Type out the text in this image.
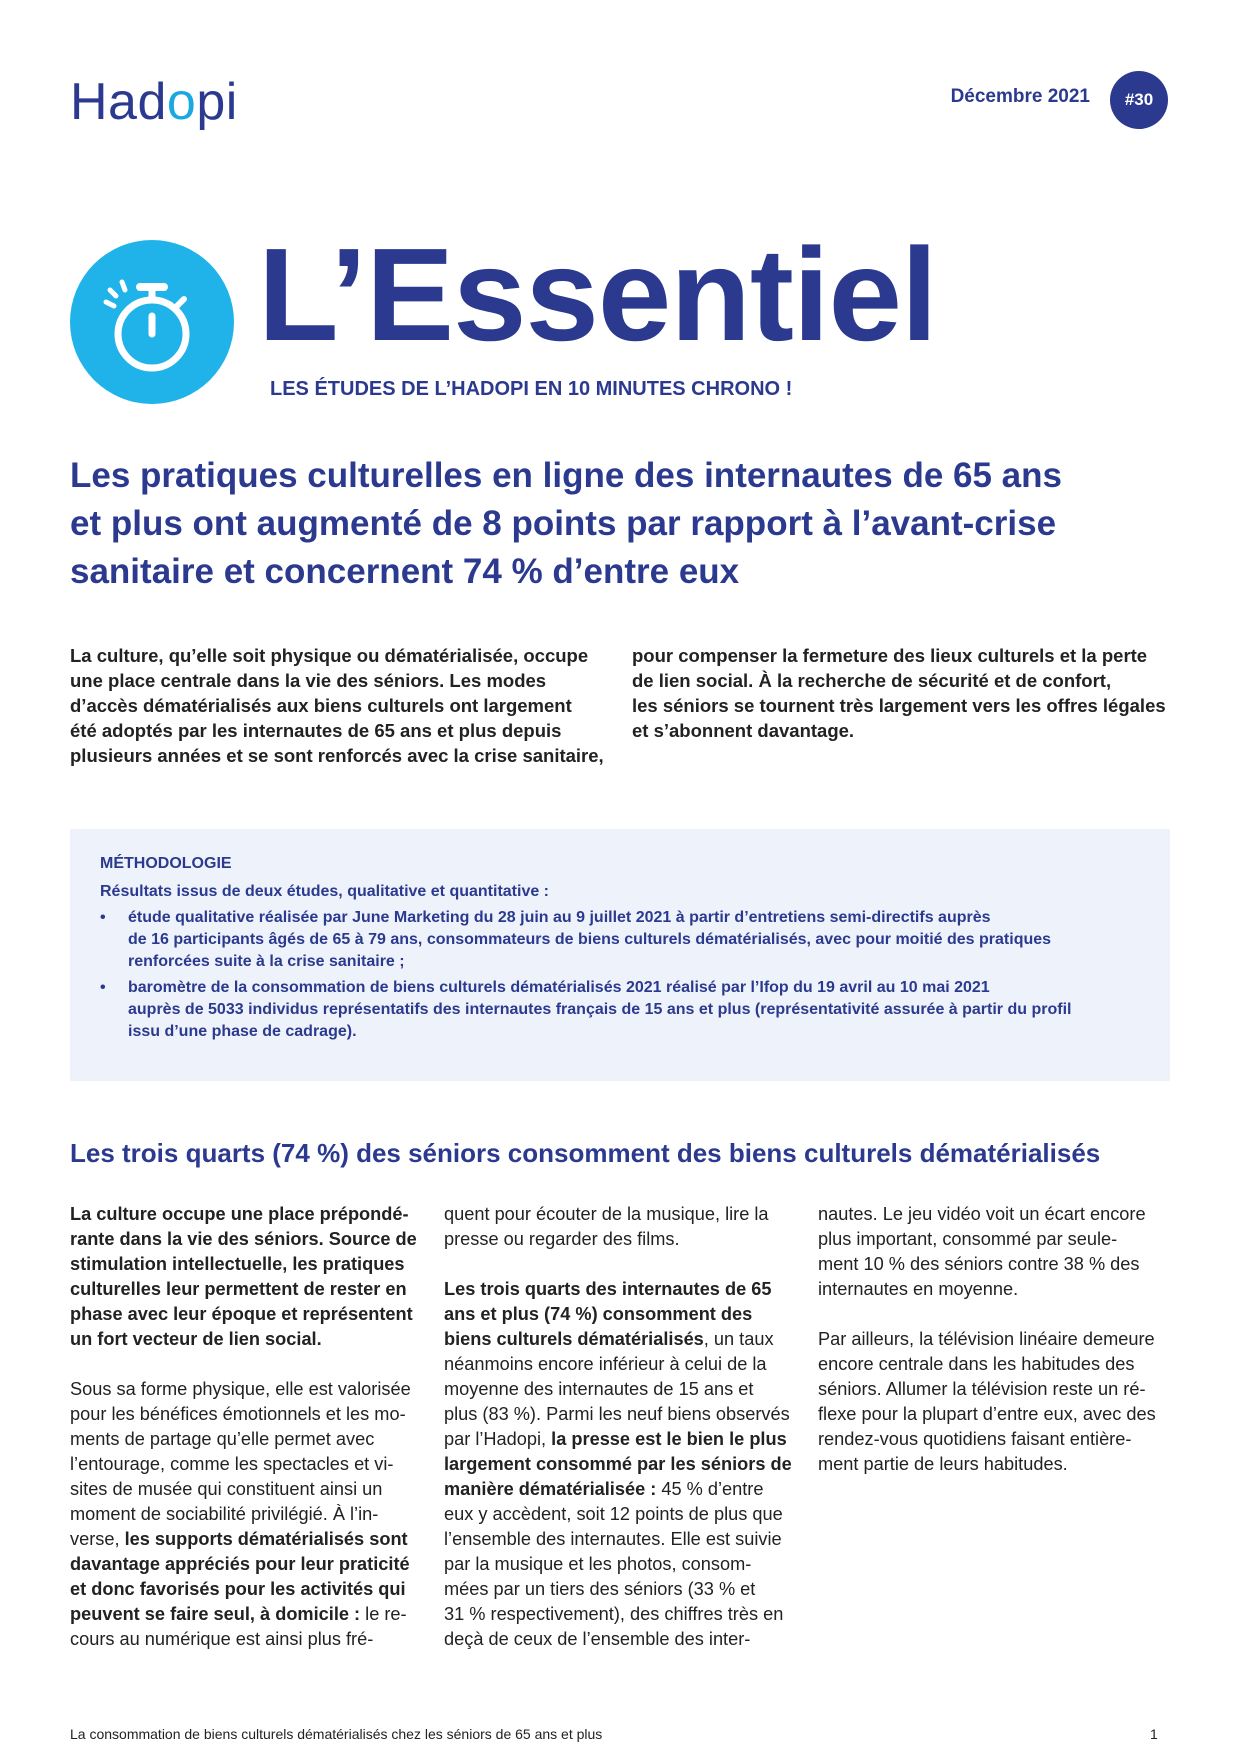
Hadopi	Décembre 2021	#30
L’Essentiel
LES ÉTUDES DE L’HADOPI EN 10 MINUTES CHRONO !
Les pratiques culturelles en ligne des internautes de 65 ans
et plus ont augmenté de 8 points par rapport à l’avant-crise
sanitaire et concernent 74 % d’entre eux
La culture, qu’elle soit physique ou dématérialisée, occupe
une place centrale dans la vie des séniors. Les modes
d’accès dématérialisés aux biens culturels ont largement
été adoptés par les internautes de 65 ans et plus depuis
plusieurs années et se sont renforcés avec la crise sanitaire,
pour compenser la fermeture des lieux culturels et la perte
de lien social. À la recherche de sécurité et de confort,
les séniors se tournent très largement vers les offres légales
et s’abonnent davantage.
MÉTHODOLOGIE
Résultats issus de deux études, qualitative et quantitative :
• étude qualitative réalisée par June Marketing du 28 juin au 9 juillet 2021 à partir d’entretiens semi-directifs auprès
de 16 participants âgés de 65 à 79 ans, consommateurs de biens culturels dématérialisés, avec pour moitié des pratiques
renforcées suite à la crise sanitaire ;
• baromètre de la consommation de biens culturels dématérialisés 2021 réalisé par l’Ifop du 19 avril au 10 mai 2021
auprès de 5033 individus représentatifs des internautes français de 15 ans et plus (représentativité assurée à partir du profil
issu d’une phase de cadrage).
Les trois quarts (74 %) des séniors consomment des biens culturels dématérialisés
La culture occupe une place prépondé-
rante dans la vie des séniors. Source de
stimulation intellectuelle, les pratiques
culturelles leur permettent de rester en
phase avec leur époque et représentent
un fort vecteur de lien social.
Sous sa forme physique, elle est valorisée
pour les bénéfices émotionnels et les mo-
ments de partage qu’elle permet avec
l’entourage, comme les spectacles et vi-
sites de musée qui constituent ainsi un
moment de sociabilité privilégié. À l’in-
verse, les supports dématérialisés sont
davantage appréciés pour leur praticité
et donc favorisés pour les activités qui
peuvent se faire seul, à domicile : le re-
cours au numérique est ainsi plus fré-
quent pour écouter de la musique, lire la
presse ou regarder des films.
Les trois quarts des internautes de 65
ans et plus (74 %) consomment des
biens culturels dématérialisés, un taux
néanmoins encore inférieur à celui de la
moyenne des internautes de 15 ans et
plus (83 %). Parmi les neuf biens observés
par l’Hadopi, la presse est le bien le plus
largement consommé par les séniors de
manière dématérialisée : 45 % d’entre
eux y accèdent, soit 12 points de plus que
l’ensemble des internautes. Elle est suivie
par la musique et les photos, consom-
mées par un tiers des séniors (33 % et
31 % respectivement), des chiffres très en
deçà de ceux de l’ensemble des inter-
nautes. Le jeu vidéo voit un écart encore
plus important, consommé par seule-
ment 10 % des séniors contre 38 % des
internautes en moyenne.
Par ailleurs, la télévision linéaire demeure
encore centrale dans les habitudes des
séniors. Allumer la télévision reste un ré-
flexe pour la plupart d’entre eux, avec des
rendez-vous quotidiens faisant entière-
ment partie de leurs habitudes.
La consommation de biens culturels dématérialisés chez les séniors de 65 ans et plus	1
